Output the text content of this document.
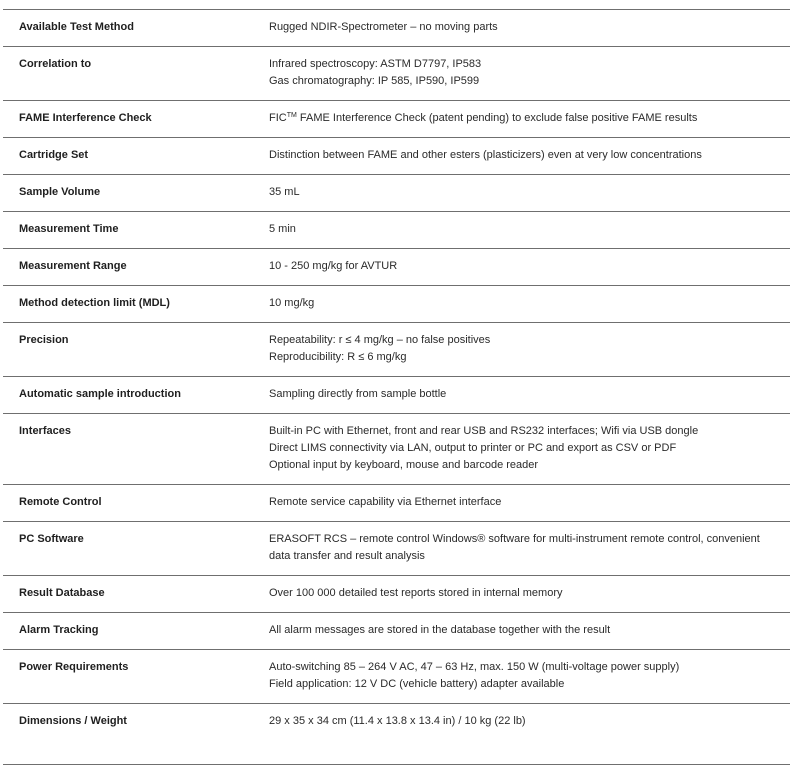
Available Test Method	Rugged NDIR-Spectrometer – no moving parts

Correlation to	Infrared spectroscopy: ASTM D7797, IP583
Gas chromatography: IP 585, IP590, IP599

FAME Interference Check	FIC™ FAME Interference Check (patent pending) to exclude false positive FAME results

Cartridge Set	Distinction between FAME and other esters (plasticizers) even at very low concentrations

Sample Volume	35 mL

Measurement Time	5 min

Measurement Range	10 - 250 mg/kg for AVTUR

Method detection limit (MDL)	10 mg/kg

Precision	Repeatability: r ≤ 4 mg/kg – no false positives
Reproducibility: R ≤ 6 mg/kg

Automatic sample introduction	Sampling directly from sample bottle

Interfaces	Built-in PC with Ethernet, front and rear USB and RS232 interfaces; Wifi via USB dongle
Direct LIMS connectivity via LAN, output to printer or PC and export as CSV or PDF
Optional input by keyboard, mouse and barcode reader

Remote Control	Remote service capability via Ethernet interface

PC Software	ERASOFT RCS – remote control Windows® software for multi-instrument remote control, convenient
data transfer and result analysis

Result Database	Over 100 000 detailed test reports stored in internal memory

Alarm Tracking	All alarm messages are stored in the database together with the result

Power Requirements	Auto-switching 85 – 264 V AC, 47 – 63 Hz, max. 150 W (multi-voltage power supply)
Field application: 12 V DC (vehicle battery) adapter available

Dimensions / Weight	29 x 35 x 34 cm (11.4 x 13.8 x 13.4 in) / 10 kg (22 lb)
